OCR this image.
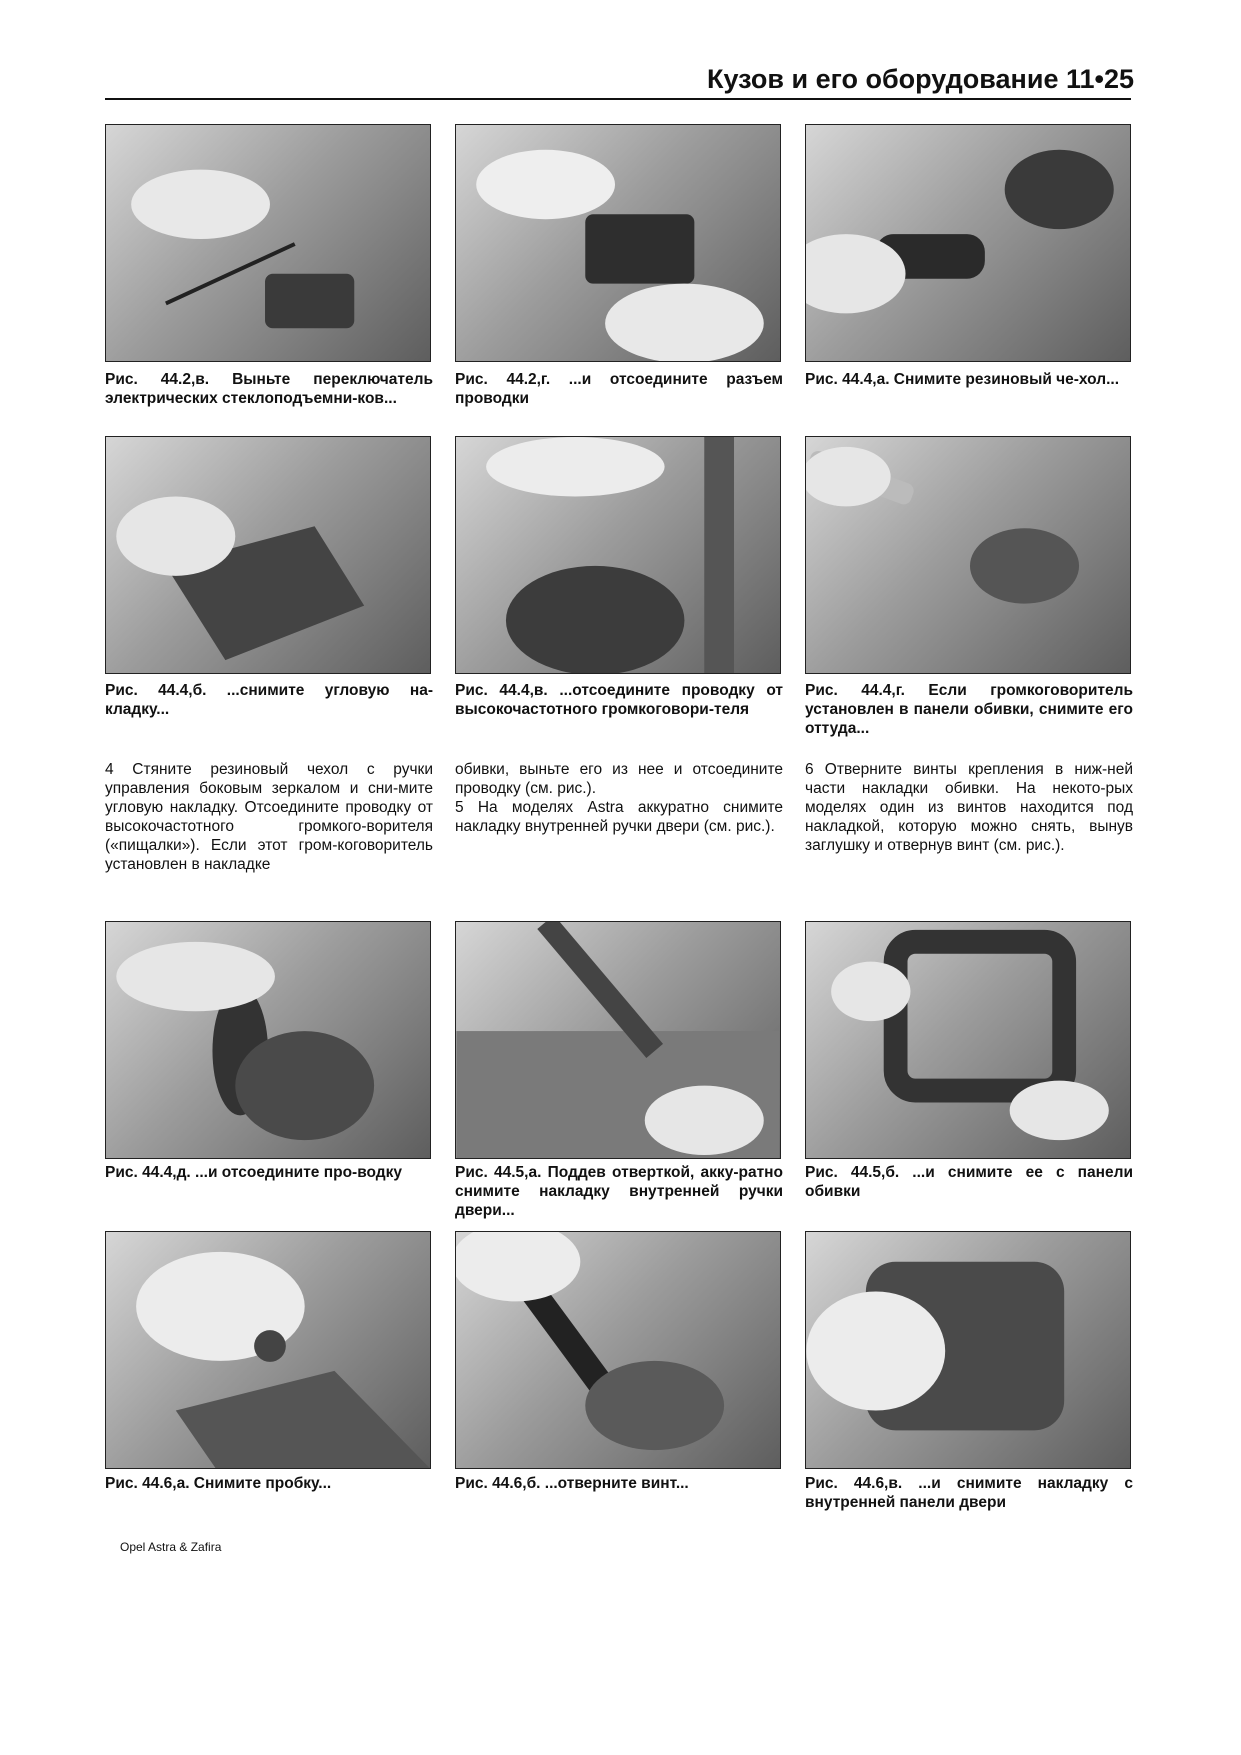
Кузов и его оборудование 11•25
Рис. 44.2,в. Выньте переключатель электрических стеклоподъемни-ков...
Рис. 44.2,г. ...и отсоедините разъем проводки
Рис. 44.4,а. Снимите резиновый че-хол...
Рис. 44.4,б. ...снимите угловую на-кладку...
Рис. 44.4,в. ...отсоедините проводку от высокочастотного громкоговори-теля
Рис. 44.4,г. Если громкоговоритель установлен в панели обивки, снимите его оттуда...
4 Стяните резиновый чехол с ручки управления боковым зеркалом и сни-мите угловую накладку. Отсоедините проводку от высокочастотного громкого-ворителя («пищалки»). Если этот гром-коговоритель установлен в накладке
обивки, выньте его из нее и отсоедините проводку (см. рис.).
5 На моделях Astra аккуратно снимите накладку внутренней ручки двери (см. рис.).
6 Отверните винты крепления в ниж-ней части накладки обивки. На некото-рых моделях один из винтов находится под накладкой, которую можно снять, вынув заглушку и отвернув винт (см. рис.).
Рис. 44.4,д. ...и отсоедините про-водку	Рис. 44.5,а. Поддев отверткой, акку-ратно снимите накладку внутренней ручки двери...
Рис. 44.5,б. ...и снимите ее с панели обивки
Рис. 44.6,а. Снимите пробку...	Рис. 44.6,б. ...отверните винт...	Рис. 44.6,в. ...и снимите накладку с внутренней панели двери
Opel Astra & Zafira
